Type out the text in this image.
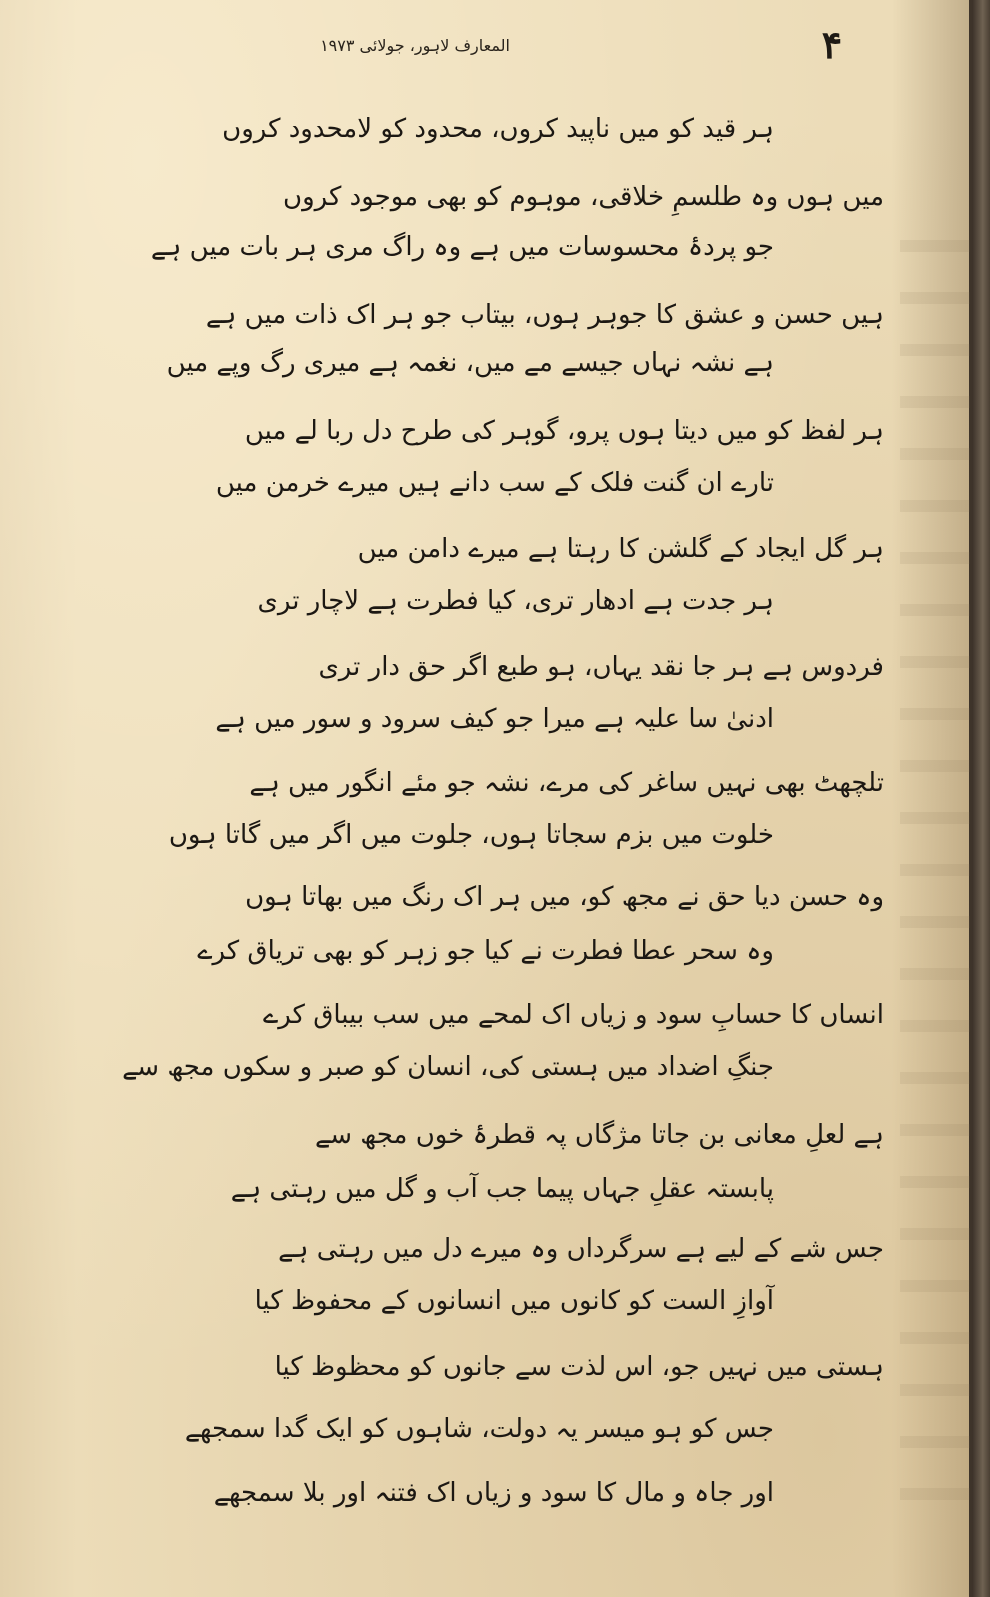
المعارف لاہور، جولائی ۱۹۷۳	۴
ہر قید کو میں ناپید کروں، محدود کو لامحدود کروں
میں ہوں وہ طلسمِ خلاقی، موہوم کو بھی موجود کروں
جو پردۂ محسوسات میں ہے وہ راگ مری ہر بات میں ہے
ہیں حسن و عشق کا جوہر ہوں، بیتاب جو ہر اک ذات میں ہے
ہے نشہ نہاں جیسے مے میں، نغمہ ہے میری رگ وپے میں
ہر لفظ کو میں دیتا ہوں پرو، گوہر کی طرح دل ربا لے میں
تارے ان گنت فلک کے سب دانے ہیں میرے خرمن میں
ہر گل ایجاد کے گلشن کا رہتا ہے میرے دامن میں
ہر جدت ہے ادھار تری، کیا فطرت ہے لاچار تری
فردوس ہے ہر جا نقد یہاں، ہو طبع اگر حق دار تری
ادنیٰ سا علیہ ہے میرا جو کیف سرود و سور میں ہے
تلچھٹ بھی نہیں ساغر کی مرے، نشہ جو مئے انگور میں ہے
خلوت میں بزم سجاتا ہوں، جلوت میں اگر میں گاتا ہوں
وہ حسن دیا حق نے مجھ کو، میں ہر اک رنگ میں بھاتا ہوں
وہ سحر عطا فطرت نے کیا جو زہر کو بھی تریاق کرے
انساں کا حسابِ سود و زیاں اک لمحے میں سب بیباق کرے
جنگِ اضداد میں ہستی کی، انسان کو صبر و سکوں مجھ سے
ہے لعلِ معانی بن جاتا مژگاں پہ قطرۂ خوں مجھ سے
پابستہ عقلِ جہاں پیما جب آب و گل میں رہتی ہے
جس شے کے لیے ہے سرگرداں وہ میرے دل میں رہتی ہے
آوازِ الست کو کانوں میں انسانوں کے محفوظ کیا
ہستی میں نہیں جو، اس لذت سے جانوں کو محظوظ کیا
جس کو ہو میسر یہ دولت، شاہوں کو ایک گدا سمجھے
اور جاہ و مال کا سود و زیاں اک فتنہ اور بلا سمجھے
